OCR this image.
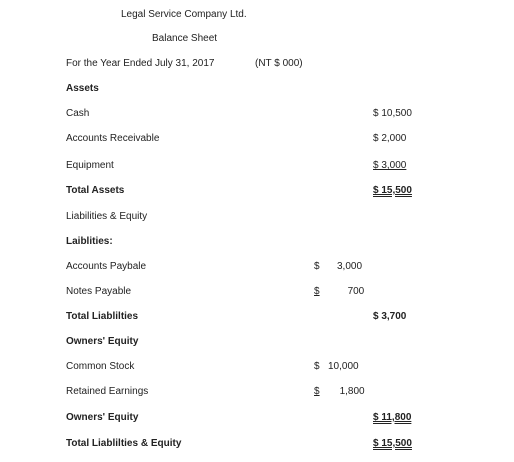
Legal Service Company Ltd.
Balance Sheet
For the Year Ended July 31, 2017	(NT $ 000)
Assets
Cash	$ 10,500
Accounts Receivable	$ 2,000
Equipment	$ 3,000
Total Assets	$ 15,500
Liabilities & Equity
Laiblities:
Accounts Paybale	$ 3,000
Notes Payable	$	700
Total Liablilties	$ 3,700
Owners' Equity
Common Stock	$ 10,000
Retained Earnings	$ 1,800
Owners' Equity	$ 11,800
Total Liablilties & Equity	$ 15,500
